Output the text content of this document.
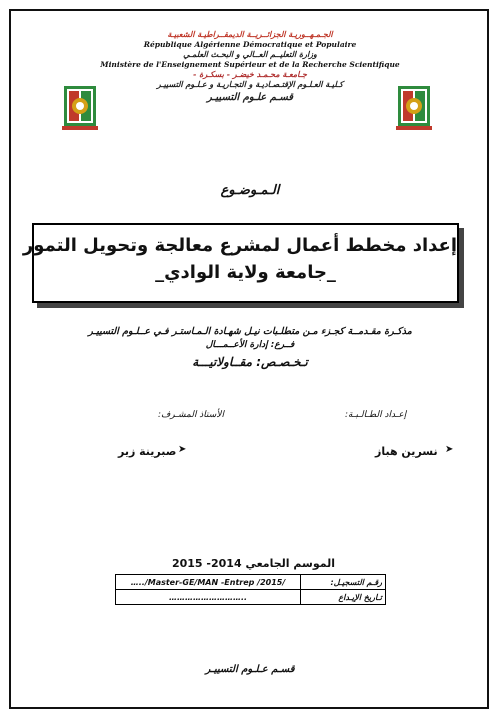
الجـمـهــوريـة الجزائــريــة الديمقــراطيـة الشعبيـة
République Algérienne Démocratique et Populaire
وزارة التعليــم العــالي و البحـث العلمـي
Ministère de l'Enseignement Supérieur et de la Recherche Scientifique
جـامعـة محـمـد خيضـر - بسكـرة -
كـليـة العـلـوم الإقتـصـاديـة و التجـاريـة و عـلـوم التسييـر
قسـم علـوم التسييـر
الـمـوضـوع
إعداد مخطط أعمال لمشرع معالجة وتحويل التمور
_جامعة ولاية الوادي_
مذكـرة مقـدمــة كجـزء مـن متطلـبات نيـل شهـادة الـمـاستـر فـي عــلـوم التسييـر
فــرع: إدارة الأعــمـــال
تـخـصـص: مقــاولاتيـــة
إعـداد الطـالـبـة:
الأستاذ المشـرف:
نسرين هباز ➤
صبرينة زير ➤
الموسم الجامعي 2014- 2015
…../Master-GE/MAN -Entrep /2015/	رقـم التسجيـل:
………………………..	تـاريخ الإيـداع
قسـم عـلـوم التسييـر
